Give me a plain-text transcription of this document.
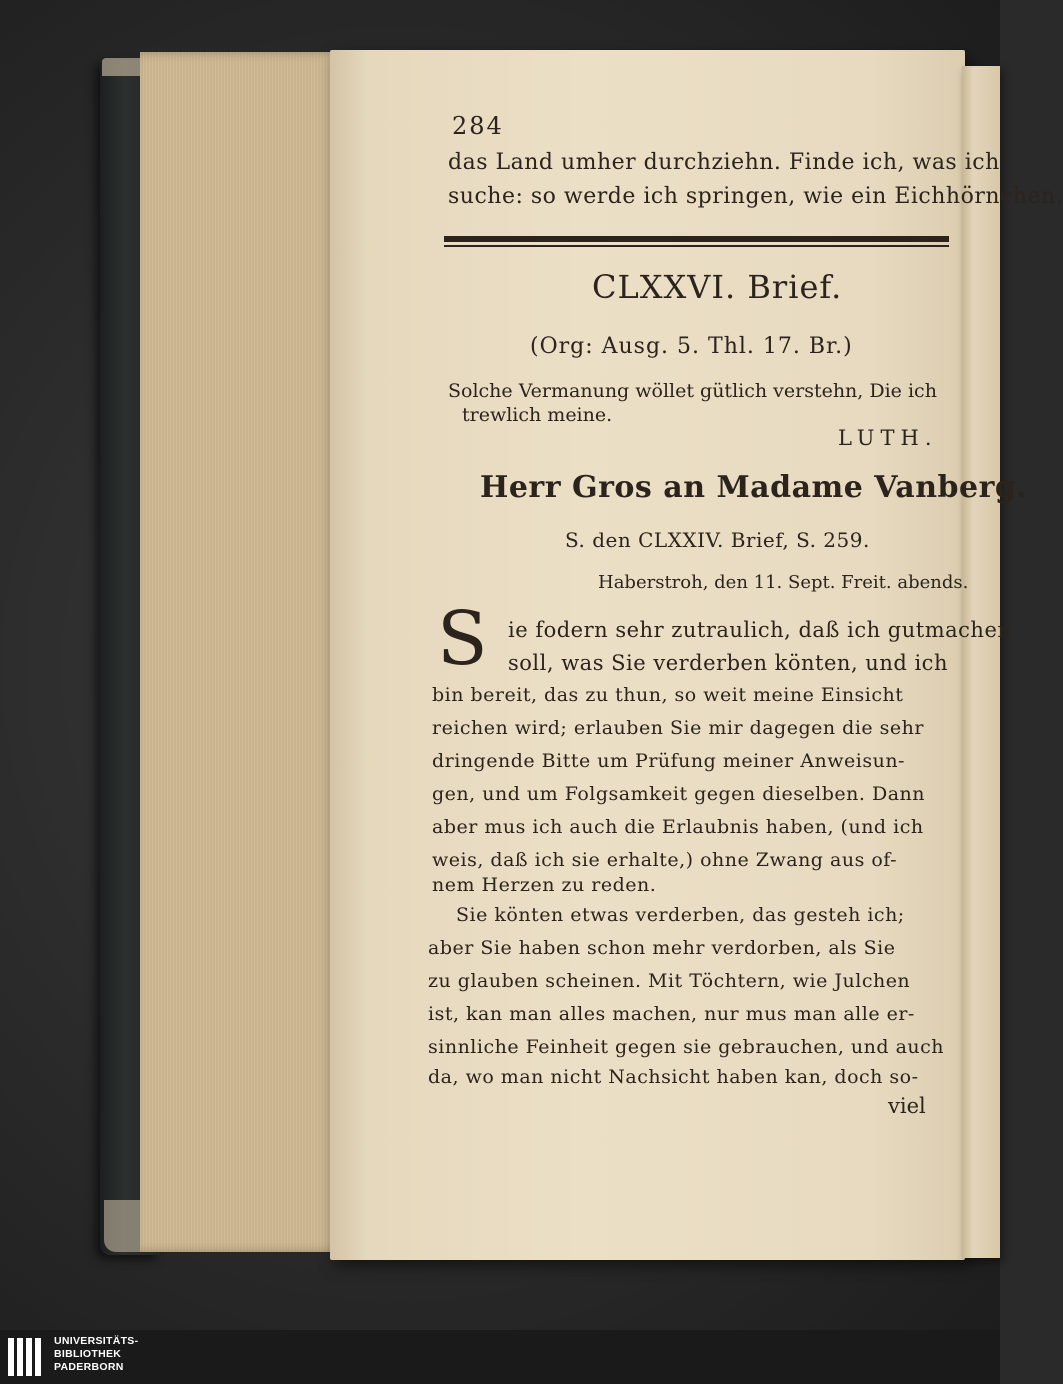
284
das Land umher durchziehn. Finde ich, was ich
suche: so werde ich springen, wie ein Eichhörnchen.
CLXXVI. Brief.
(Org: Ausg. 5. Thl. 17. Br.)
Solche Vermanung wöllet gütlich verstehn, Die ich
trewlich meine.
LUTH.
Herr Gros an Madame Vanberg.
S. den CLXXIV. Brief, S. 259.
Haberstroh, den 11. Sept. Freit. abends.
S ie fodern sehr zutraulich, daß ich gutmachen
soll, was Sie verderben könten, und ich
bin bereit, das zu thun, so weit meine Einsicht
reichen wird; erlauben Sie mir dagegen die sehr
dringende Bitte um Prüfung meiner Anweisun-
gen, und um Folgsamkeit gegen dieselben. Dann
aber mus ich auch die Erlaubnis haben, (und ich
weis, daß ich sie erhalte,) ohne Zwang aus of-
nem Herzen zu reden.
Sie könten etwas verderben, das gesteh ich;
aber Sie haben schon mehr verdorben, als Sie
zu glauben scheinen. Mit Töchtern, wie Julchen
ist, kan man alles machen, nur mus man alle er-
sinnliche Feinheit gegen sie gebrauchen, und auch
da, wo man nicht Nachsicht haben kan, doch so-
viel
UNIVERSITÄTS-
BIBLIOTHEK
PADERBORN
